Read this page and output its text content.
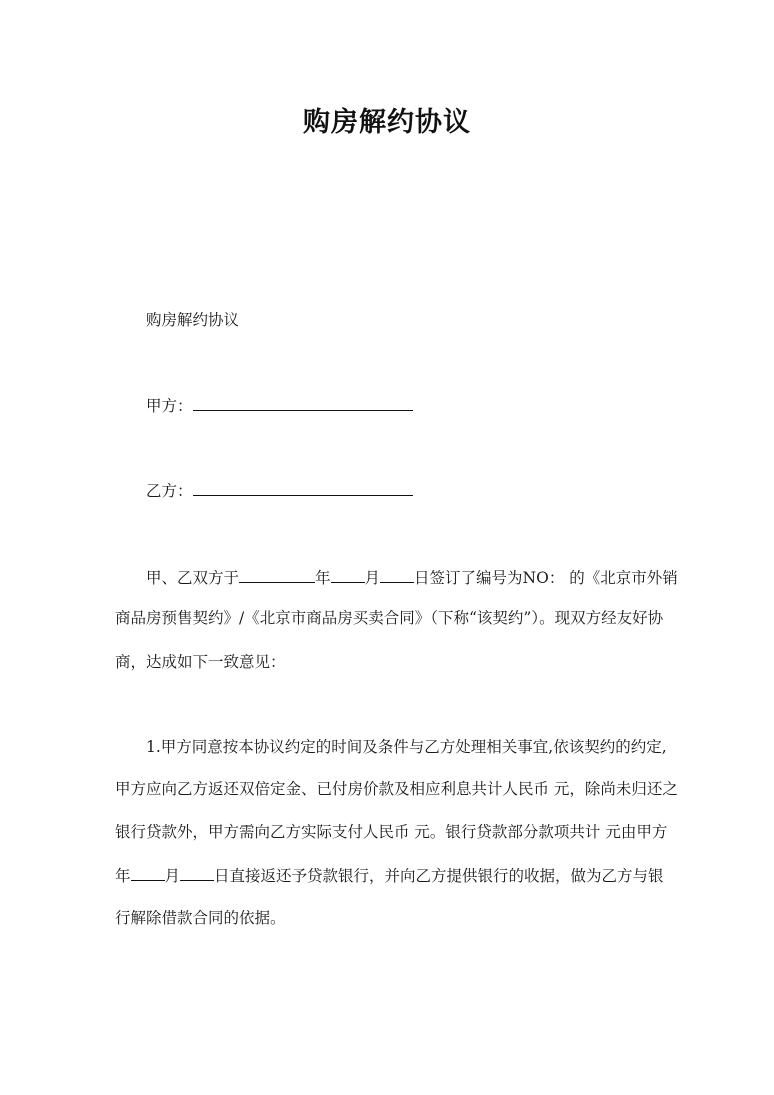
购房解约协议
购房解约协议
甲方：
乙方：
甲、乙双方于	年 月 日签订了编号为NO： 的《北京市外销
商品房预售契约》/《北京市商品房买卖合同》（下称“该契约”）。现双方经友好协
商，达成如下一致意见：
1.甲方同意按本协议约定的时间及条件与乙方处理相关事宜,依该契约的约定,
甲方应向乙方返还双倍定金、已付房价款及相应利息共计人民币 元，除尚未归还之
银行贷款外，甲方需向乙方实际支付人民币 元。银行贷款部分款项共计 元由甲方
年 月 日直接返还予贷款银行，并向乙方提供银行的收据，做为乙方与银
行解除借款合同的依据。
